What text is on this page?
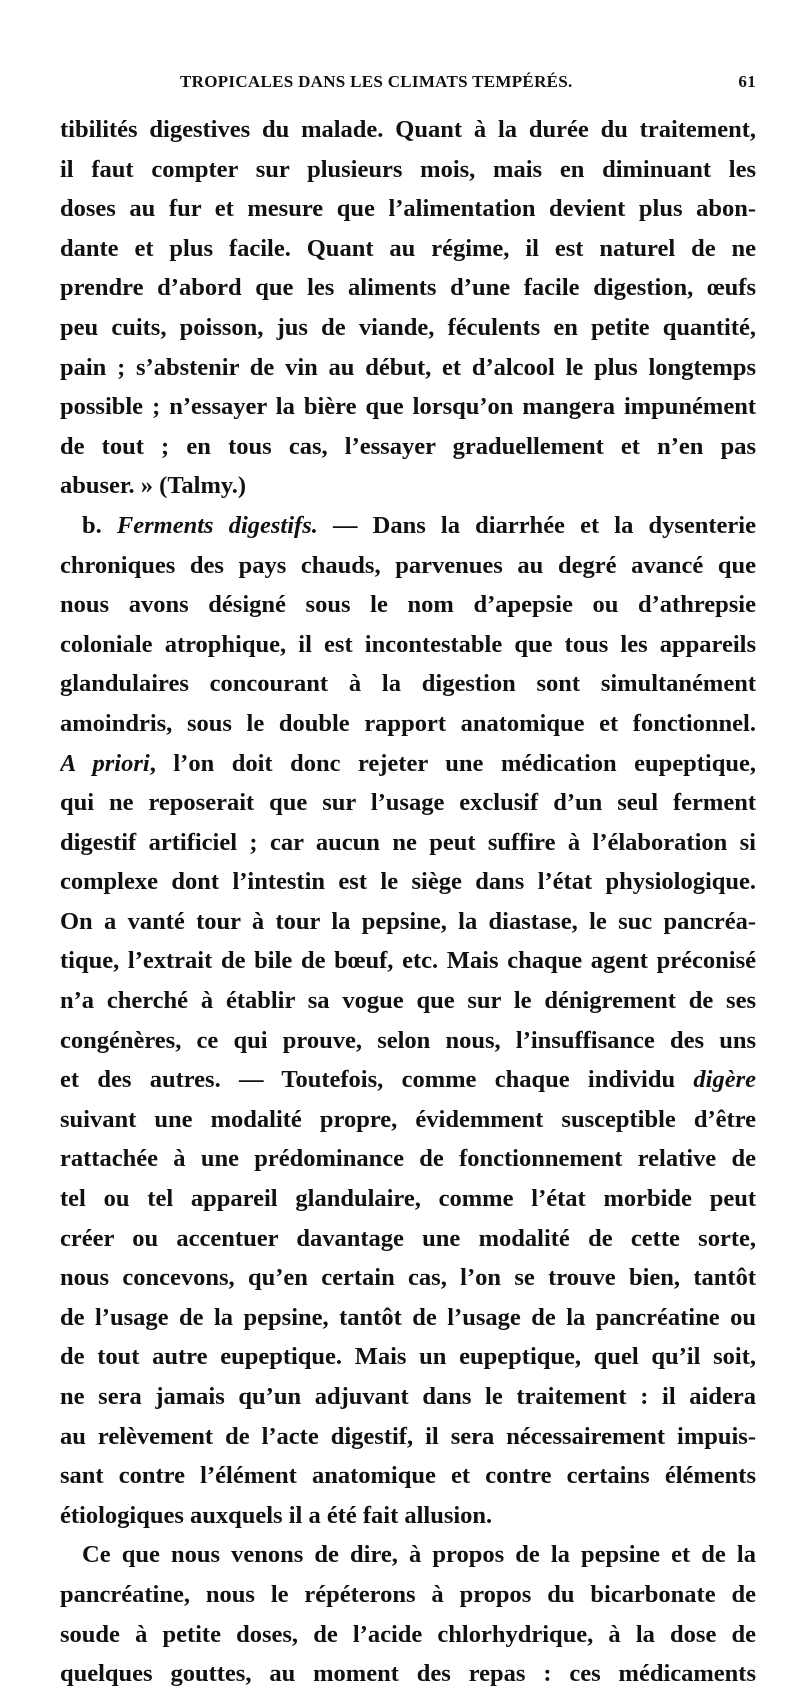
TROPICALES DANS LES CLIMATS TEMPÉRÉS.	61
tibilités digestives du malade. Quant à la durée du traitement,
il faut compter sur plusieurs mois, mais en diminuant les
doses au fur et mesure que l’alimentation devient plus abon-
dante et plus facile. Quant au régime, il est naturel de ne
prendre d’abord que les aliments d’une facile digestion, œufs
peu cuits, poisson, jus de viande, féculents en petite quantité,
pain ; s’abstenir de vin au début, et d’alcool le plus longtemps
possible ; n’essayer la bière que lorsqu’on mangera impunément
de tout ; en tous cas, l’essayer graduellement et n’en pas
abuser. » (Talmy.)
b. Ferments digestifs. — Dans la diarrhée et la dysenterie
chroniques des pays chauds, parvenues au degré avancé que
nous avons désigné sous le nom d’apepsie ou d’athrepsie
coloniale atrophique, il est incontestable que tous les appareils
glandulaires concourant à la digestion sont simultanément
amoindris, sous le double rapport anatomique et fonctionnel.
A priori, l’on doit donc rejeter une médication eupeptique,
qui ne reposerait que sur l’usage exclusif d’un seul ferment
digestif artificiel ; car aucun ne peut suffire à l’élaboration si
complexe dont l’intestin est le siège dans l’état physiologique.
On a vanté tour à tour la pepsine, la diastase, le suc pancréa-
tique, l’extrait de bile de bœuf, etc. Mais chaque agent préconisé
n’a cherché à établir sa vogue que sur le dénigrement de ses
congénères, ce qui prouve, selon nous, l’insuffisance des uns
et des autres. — Toutefois, comme chaque individu digère
suivant une modalité propre, évidemment susceptible d’être
rattachée à une prédominance de fonctionnement relative de
tel ou tel appareil glandulaire, comme l’état morbide peut
créer ou accentuer davantage une modalité de cette sorte,
nous concevons, qu’en certain cas, l’on se trouve bien, tantôt
de l’usage de la pepsine, tantôt de l’usage de la pancréatine ou
de tout autre eupeptique. Mais un eupeptique, quel qu’il soit,
ne sera jamais qu’un adjuvant dans le traitement : il aidera
au relèvement de l’acte digestif, il sera nécessairement impuis-
sant contre l’élément anatomique et contre certains éléments
étiologiques auxquels il a été fait allusion.
Ce que nous venons de dire, à propos de la pepsine et de la
pancréatine, nous le répéterons à propos du bicarbonate de
soude à petite doses, de l’acide chlorhydrique, à la dose de
quelques gouttes, au moment des repas : ces médicaments
